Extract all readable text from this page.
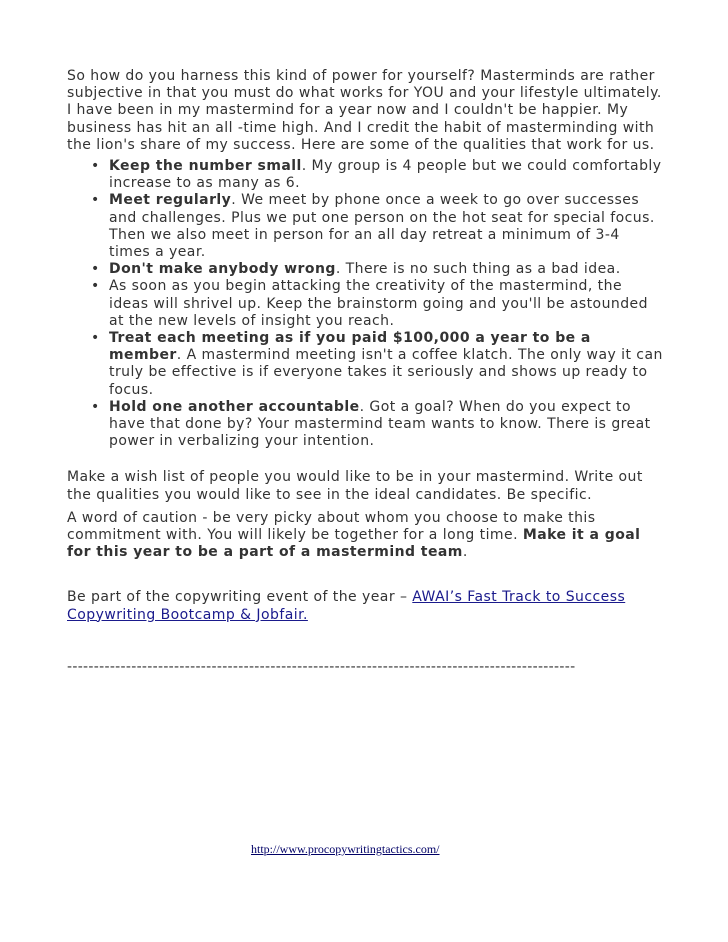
So how do you harness this kind of power for yourself? Masterminds are rather subjective in that you must do what works for YOU and your lifestyle ultimately. I have been in my mastermind for a year now and I couldn't be happier. My business has hit an all -time high. And I credit the habit of masterminding with the lion's share of my success. Here are some of the qualities that work for us.

• Keep the number small. My group is 4 people but we could comfortably increase to as many as 6.
• Meet regularly. We meet by phone once a week to go over successes and challenges. Plus we put one person on the hot seat for special focus. Then we also meet in person for an all day retreat a minimum of 3-4 times a year.
• Don't make anybody wrong. There is no such thing as a bad idea.
• As soon as you begin attacking the creativity of the mastermind, the ideas will shrivel up. Keep the brainstorm going and you'll be astounded at the new levels of insight you reach.
• Treat each meeting as if you paid $100,000 a year to be a member. A mastermind meeting isn't a coffee klatch. The only way it can truly be effective is if everyone takes it seriously and shows up ready to focus.
• Hold one another accountable. Got a goal? When do you expect to have that done by? Your mastermind team wants to know. There is great power in verbalizing your intention.

Make a wish list of people you would like to be in your mastermind. Write out the qualities you would like to see in the ideal candidates. Be specific.

A word of caution - be very picky about whom you choose to make this commitment with. You will likely be together for a long time. Make it a goal for this year to be a part of a mastermind team.

Be part of the copywriting event of the year – AWAI’s Fast Track to Success Copywriting Bootcamp & Jobfair.

-----------------------------------------------------------------------------------------------
http://www.procopywritingtactics.com/
